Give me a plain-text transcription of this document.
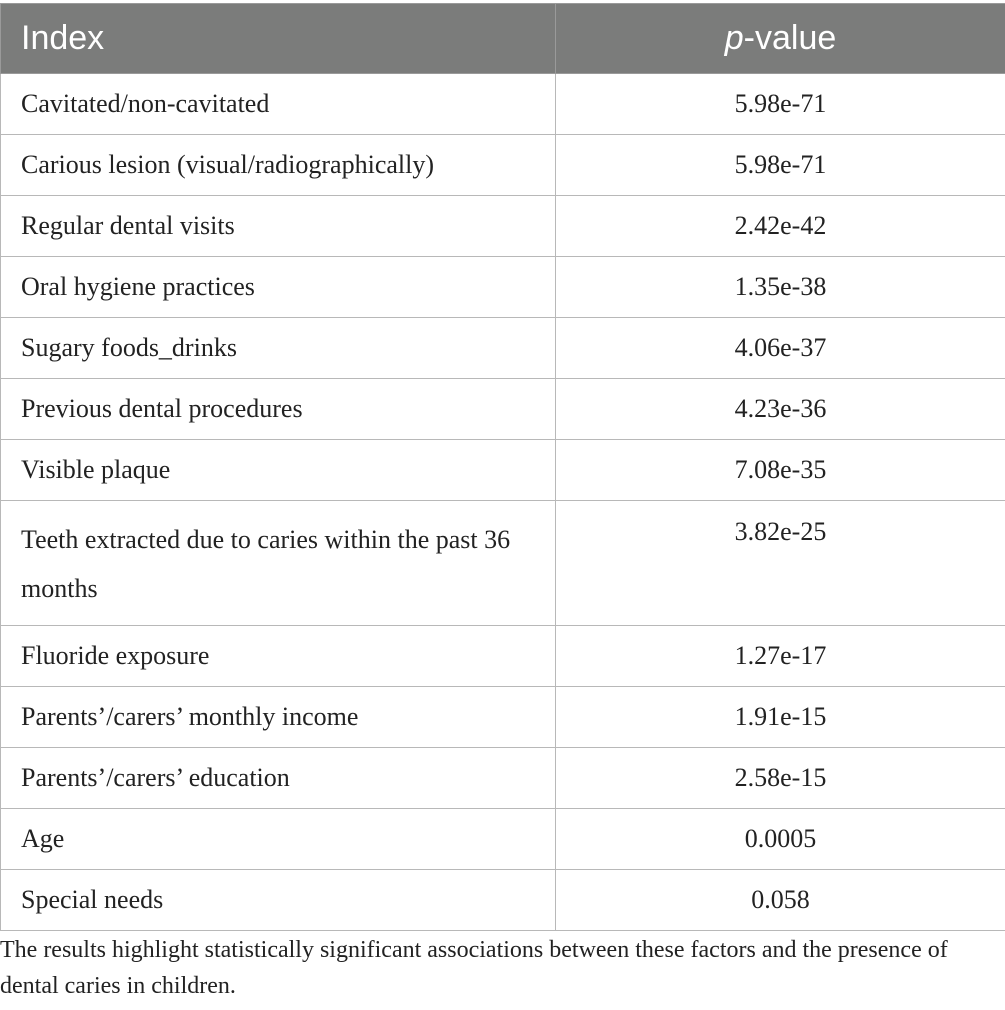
Index	p-value
Cavitated/non-cavitated	5.98e-71
Carious lesion (visual/radiographically)	5.98e-71
Regular dental visits	2.42e-42
Oral hygiene practices	1.35e-38
Sugary foods_drinks	4.06e-37
Previous dental procedures	4.23e-36
Visible plaque	7.08e-35
Teeth extracted due to caries within the past 36 months	3.82e-25
Fluoride exposure	1.27e-17
Parents’/carers’ monthly income	1.91e-15
Parents’/carers’ education	2.58e-15
Age	0.0005
Special needs	0.058
The results highlight statistically significant associations between these factors and the presence of dental caries in children.
